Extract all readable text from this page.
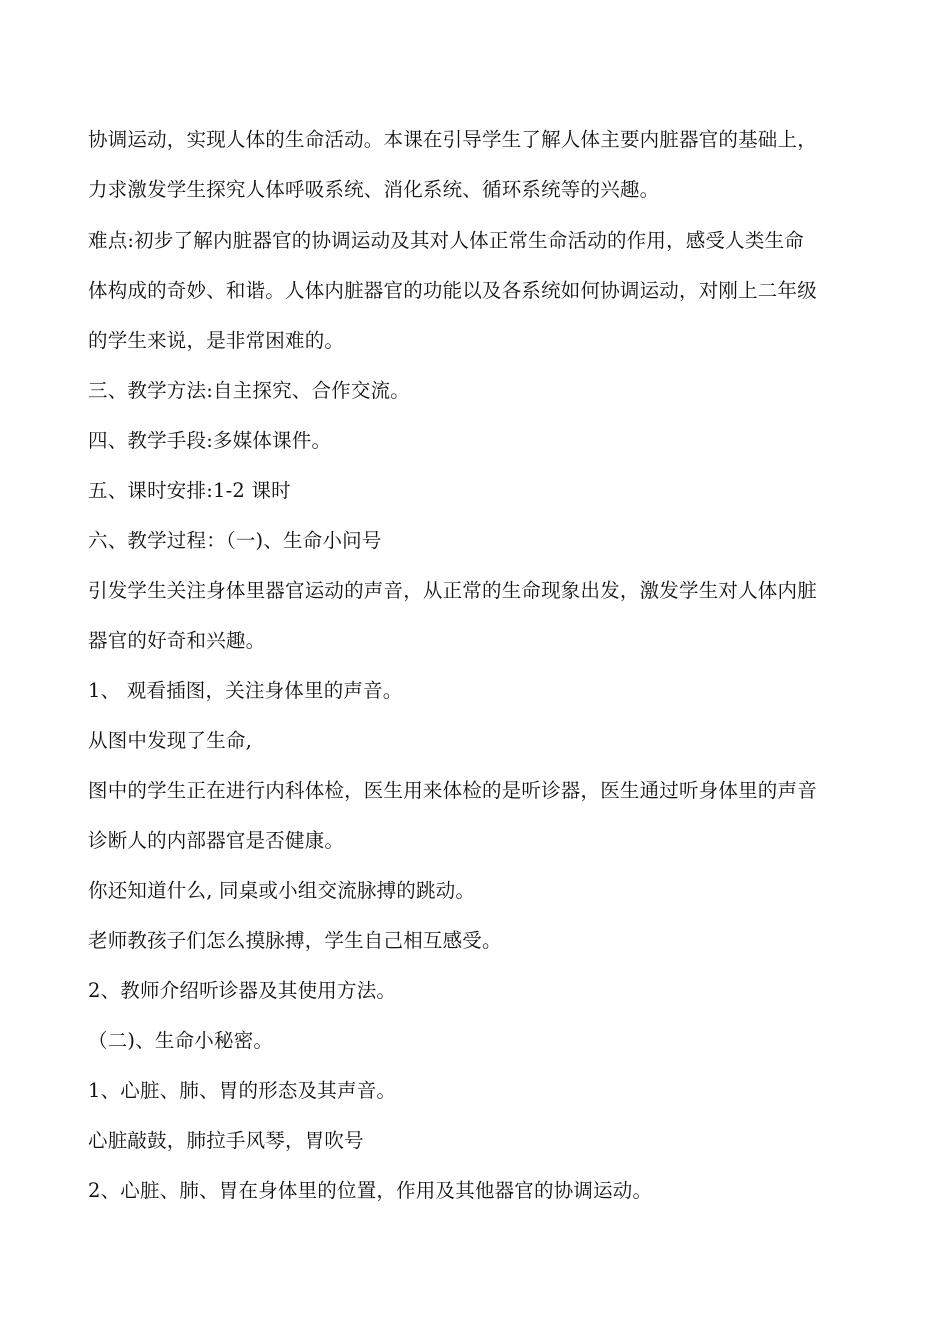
协调运动，实现人体的生命活动。本课在引导学生了解人体主要内脏器官的基础上，
力求激发学生探究人体呼吸系统、消化系统、循环系统等的兴趣。
难点:初步了解内脏器官的协调运动及其对人体正常生命活动的作用，感受人类生命
体构成的奇妙、和谐。人体内脏器官的功能以及各系统如何协调运动，对刚上二年级
的学生来说，是非常困难的。
三、教学方法:自主探究、合作交流。
四、教学手段:多媒体课件。
五、课时安排:1-2 课时
六、教学过程：（一)、生命小问号
引发学生关注身体里器官运动的声音，从正常的生命现象出发，激发学生对人体内脏
器官的好奇和兴趣。
1、 观看插图，关注身体里的声音。
从图中发现了生命,
图中的学生正在进行内科体检，医生用来体检的是听诊器，医生通过听身体里的声音
诊断人的内部器官是否健康。
你还知道什么, 同桌或小组交流脉搏的跳动。
老师教孩子们怎么摸脉搏，学生自己相互感受。
2、教师介绍听诊器及其使用方法。
（二)、生命小秘密。
1、心脏、肺、胃的形态及其声音。
心脏敲鼓，肺拉手风琴，胃吹号
2、心脏、肺、胃在身体里的位置，作用及其他器官的协调运动。
